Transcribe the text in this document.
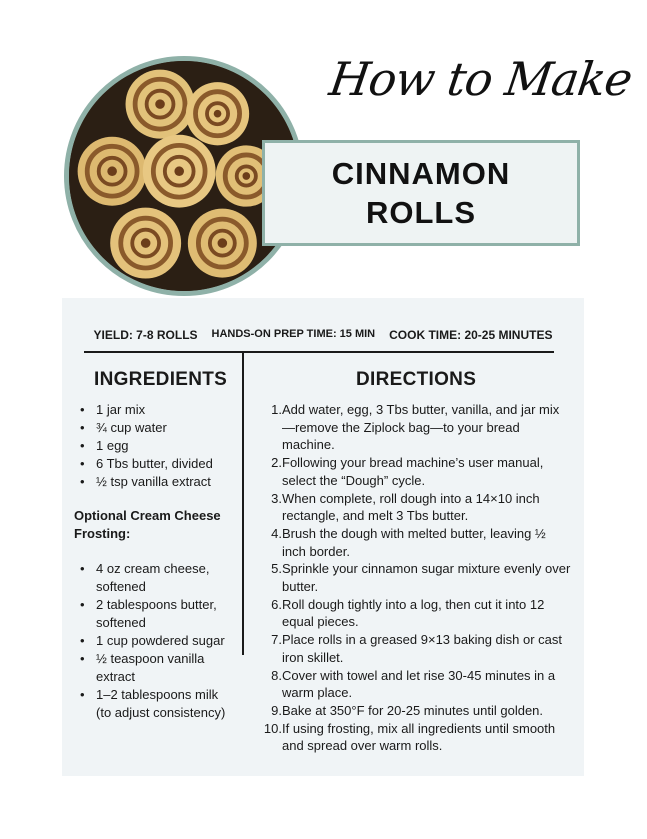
How to Make
CINNAMON
ROLLS
YIELD: 7-8 ROLLS HANDS-ON PREP TIME: 15 MIN COOK TIME: 20-25 MINUTES
INGREDIENTS	DIRECTIONS
• 1 jar mix
• ¾ cup water
• 1 egg
• 6 Tbs butter, divided
• ½ tsp vanilla extract
Optional Cream Cheese Frosting:
• 4 oz cream cheese, softened
• 2 tablespoons butter, softened
• 1 cup powdered sugar
• ½ teaspoon vanilla extract
• 1–2 tablespoons milk (to adjust consistency)
1. Add water, egg, 3 Tbs butter, vanilla, and jar mix—remove the Ziplock bag—to your bread machine.
2. Following your bread machine’s user manual, select the “Dough” cycle.
3. When complete, roll dough into a 14×10 inch rectangle, and melt 3 Tbs butter.
4. Brush the dough with melted butter, leaving ½ inch border.
5. Sprinkle your cinnamon sugar mixture evenly over butter.
6. Roll dough tightly into a log, then cut it into 12 equal pieces.
7. Place rolls in a greased 9×13 baking dish or cast iron skillet.
8. Cover with towel and let rise 30-45 minutes in a warm place.
9. Bake at 350°F for 20-25 minutes until golden.
10. If using frosting, mix all ingredients until smooth and spread over warm rolls.
